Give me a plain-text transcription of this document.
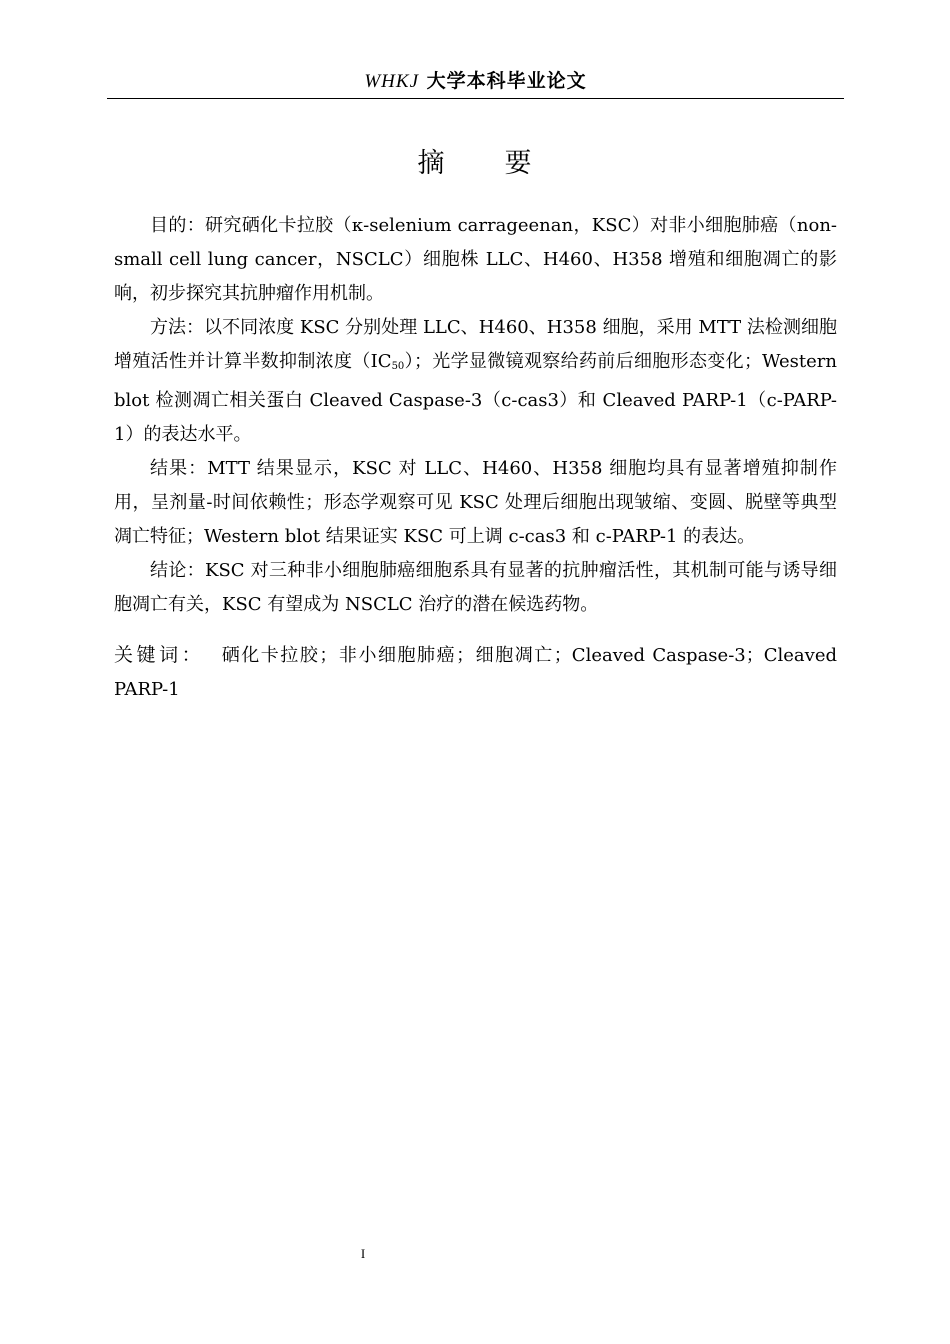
WHKJ 大学本科毕业论文
摘 要

目的：研究硒化卡拉胶（κ-selenium carrageenan，KSC）对非小细胞肺癌（non-small cell lung cancer，NSCLC）细胞株 LLC、H460、H358 增殖和细胞凋亡的影响，初步探究其抗肿瘤作用机制。

方法：以不同浓度 KSC 分别处理 LLC、H460、H358 细胞，采用 MTT 法检测细胞增殖活性并计算半数抑制浓度$(IC_{50})$；光学显微镜观察给药前后细胞形态变化；Western blot 检测凋亡相关蛋白 Cleaved Caspase-3（c-cas3）和 Cleaved PARP-1（c-PARP-1）的表达水平。

结果：MTT 结果显示，KSC 对 LLC、H460、H358 细胞均具有显著增殖抑制作用，呈剂量-时间依赖性；形态学观察可见 KSC 处理后细胞出现皱缩、变圆、脱壁等典型凋亡特征；Western blot 结果证实 KSC 可上调 c-cas3 和 c-PARP-1 的表达。

结论：KSC 对三种非小细胞肺癌细胞系具有显著的抗肿瘤活性，其机制可能与诱导细胞凋亡有关，KSC 有望成为 NSCLC 治疗的潜在候选药物。

关键词： 硒化卡拉胶；非小细胞肺癌；细胞凋亡；Cleaved Caspase-3；Cleaved PARP-1

I
